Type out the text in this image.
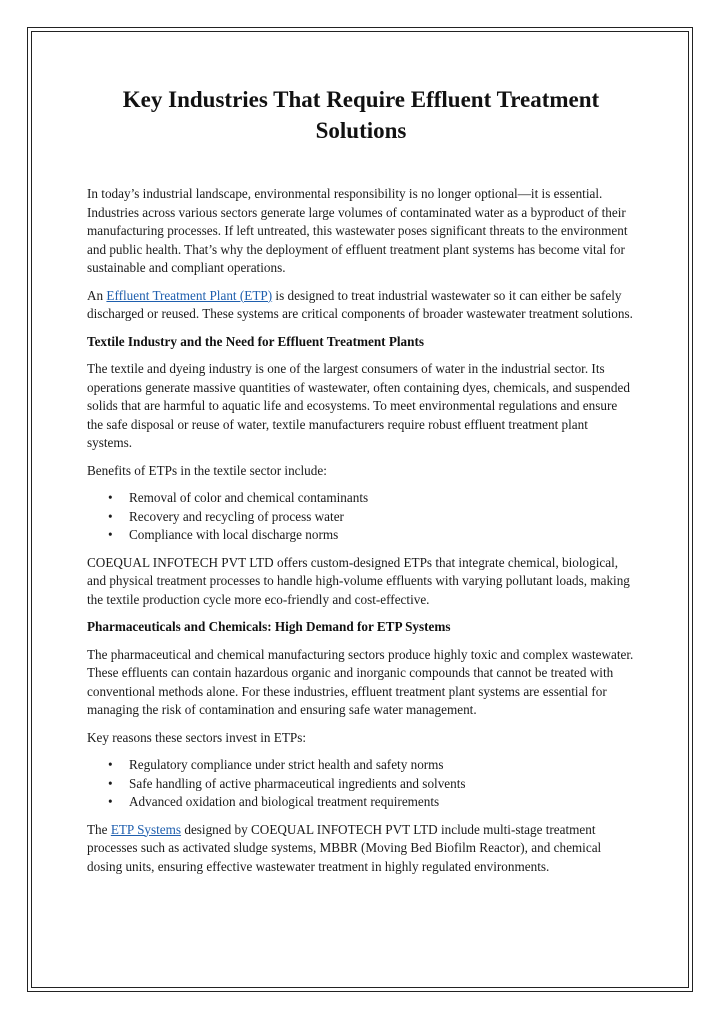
Key Industries That Require Effluent Treatment Solutions

In today’s industrial landscape, environmental responsibility is no longer optional—it is essential. Industries across various sectors generate large volumes of contaminated water as a byproduct of their manufacturing processes. If left untreated, this wastewater poses significant threats to the environment and public health. That’s why the deployment of effluent treatment plant systems has become vital for sustainable and compliant operations.

An Effluent Treatment Plant (ETP) is designed to treat industrial wastewater so it can either be safely discharged or reused. These systems are critical components of broader wastewater treatment solutions.

Textile Industry and the Need for Effluent Treatment Plants

The textile and dyeing industry is one of the largest consumers of water in the industrial sector. Its operations generate massive quantities of wastewater, often containing dyes, chemicals, and suspended solids that are harmful to aquatic life and ecosystems. To meet environmental regulations and ensure the safe disposal or reuse of water, textile manufacturers require robust effluent treatment plant systems.

Benefits of ETPs in the textile sector include:

• Removal of color and chemical contaminants
• Recovery and recycling of process water
• Compliance with local discharge norms

COEQUAL INFOTECH PVT LTD offers custom-designed ETPs that integrate chemical, biological, and physical treatment processes to handle high-volume effluents with varying pollutant loads, making the textile production cycle more eco-friendly and cost-effective.

Pharmaceuticals and Chemicals: High Demand for ETP Systems

The pharmaceutical and chemical manufacturing sectors produce highly toxic and complex wastewater. These effluents can contain hazardous organic and inorganic compounds that cannot be treated with conventional methods alone. For these industries, effluent treatment plant systems are essential for managing the risk of contamination and ensuring safe water management.

Key reasons these sectors invest in ETPs:

• Regulatory compliance under strict health and safety norms
• Safe handling of active pharmaceutical ingredients and solvents
• Advanced oxidation and biological treatment requirements

The ETP Systems designed by COEQUAL INFOTECH PVT LTD include multi-stage treatment processes such as activated sludge systems, MBBR (Moving Bed Biofilm Reactor), and chemical dosing units, ensuring effective wastewater treatment in highly regulated environments.
